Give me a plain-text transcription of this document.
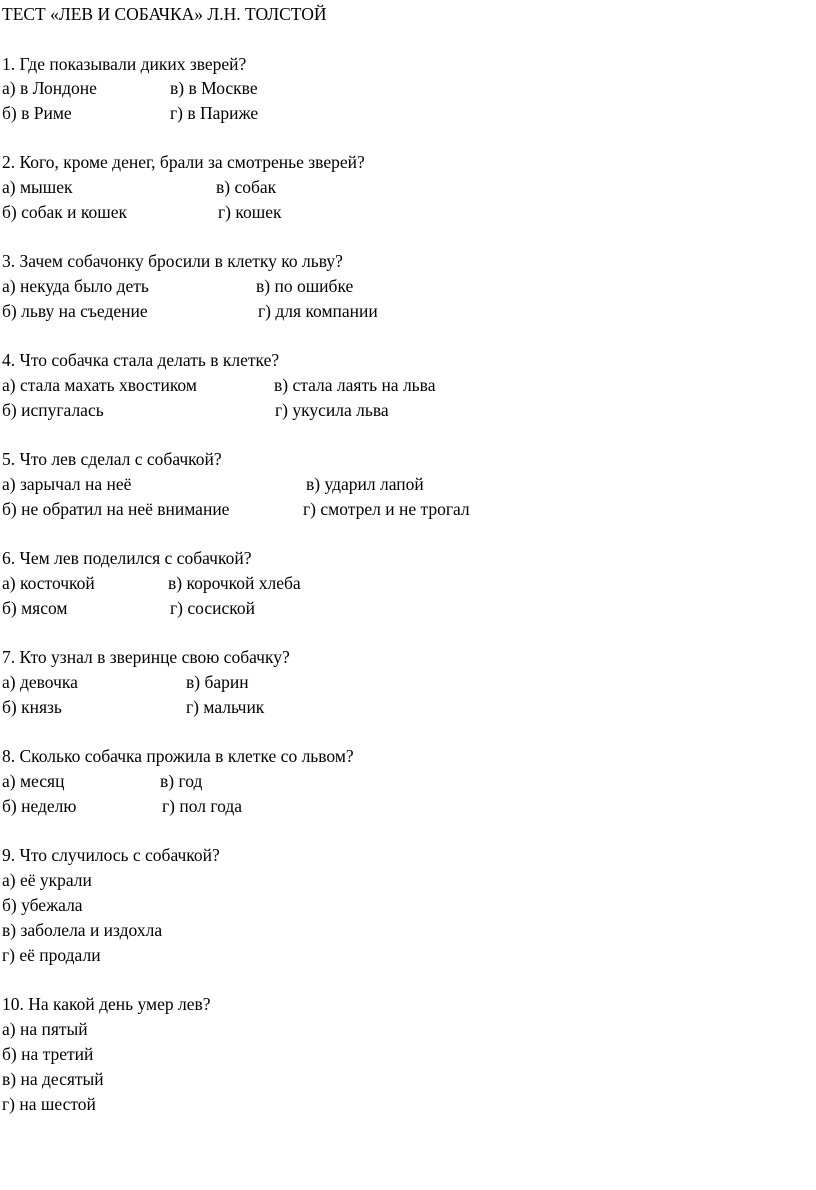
ТЕСТ «ЛЕВ И СОБАЧКА» Л.Н. ТОЛСТОЙ
1. Где показывали диких зверей?
а) в Лондоне	в) в Москве
б) в Риме	г) в Париже
2. Кого, кроме денег, брали за смотренье зверей?
а) мышек	в) собак
б) собак и кошек	г) кошек
3. Зачем собачонку бросили в клетку ко льву?
а) некуда было деть	в) по ошибке
б) льву на съедение	г) для компании
4. Что собачка стала делать в клетке?
а) стала махать хвостиком	в) стала лаять на льва
б) испугалась	г) укусила льва
5. Что лев сделал с собачкой?
а) зарычал на неё	в) ударил лапой
б) не обратил на неё внимание	г) смотрел и не трогал
6. Чем лев поделился с собачкой?
а) косточкой	в) корочкой хлеба
б) мясом	г) сосиской
7. Кто узнал в зверинце свою собачку?
а) девочка	в) барин
б) князь	г) мальчик
8. Сколько собачка прожила в клетке со львом?
а) месяц	в) год
б) неделю	г) пол года
9. Что случилось с собачкой?
а) её украли
б) убежала
в) заболела и издохла
г) её продали
10. На какой день умер лев?
а) на пятый
б) на третий
в) на десятый
г) на шестой
